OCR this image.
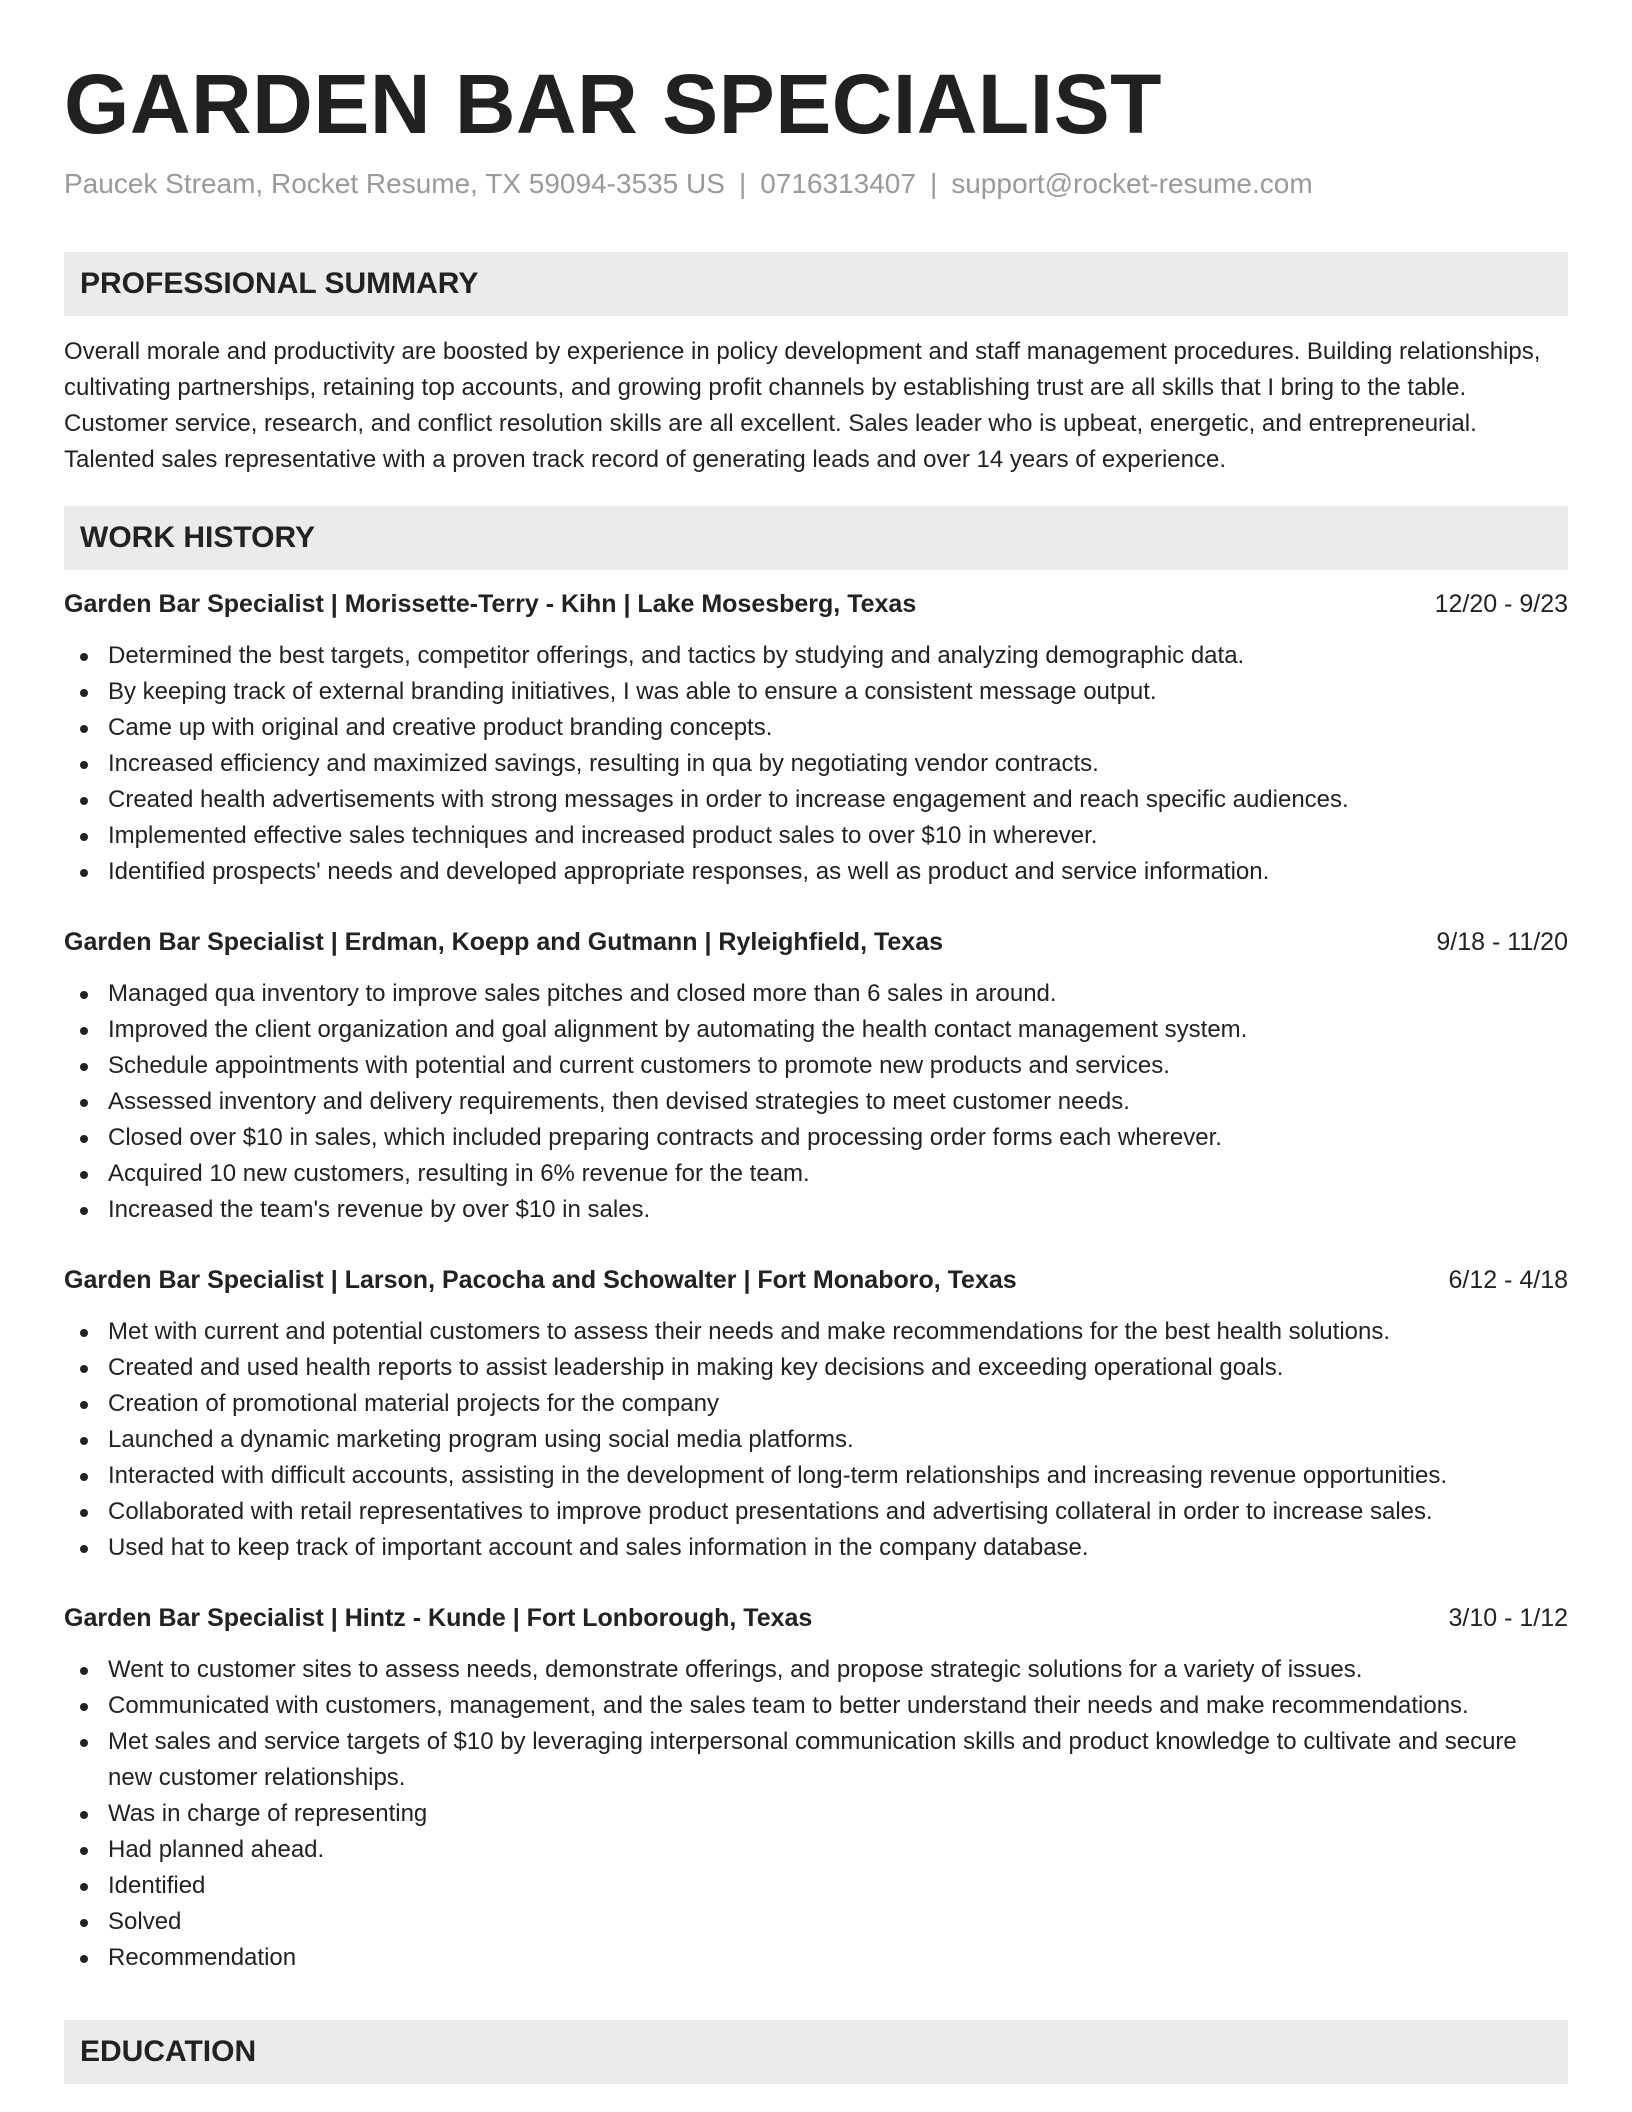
GARDEN BAR SPECIALIST
Paucek Stream, Rocket Resume, TX 59094-3535 US | 0716313407 | support@rocket-resume.com
PROFESSIONAL SUMMARY

Overall morale and productivity are boosted by experience in policy development and staff management procedures. Building relationships, cultivating partnerships, retaining top accounts, and growing profit channels by establishing trust are all skills that I bring to the table. Customer service, research, and conflict resolution skills are all excellent. Sales leader who is upbeat, energetic, and entrepreneurial. Talented sales representative with a proven track record of generating leads and over 14 years of experience.

WORK HISTORY
Garden Bar Specialist | Morissette-Terry - Kihn | Lake Mosesberg, Texas	12/20 - 9/23
Determined the best targets, competitor offerings, and tactics by studying and analyzing demographic data.
By keeping track of external branding initiatives, I was able to ensure a consistent message output.
Came up with original and creative product branding concepts.
Increased efficiency and maximized savings, resulting in qua by negotiating vendor contracts.
Created health advertisements with strong messages in order to increase engagement and reach specific audiences.
Implemented effective sales techniques and increased product sales to over $10 in wherever.
Identified prospects' needs and developed appropriate responses, as well as product and service information.
Garden Bar Specialist | Erdman, Koepp and Gutmann | Ryleighfield, Texas	9/18 - 11/20
Managed qua inventory to improve sales pitches and closed more than 6 sales in around.
Improved the client organization and goal alignment by automating the health contact management system.
Schedule appointments with potential and current customers to promote new products and services.
Assessed inventory and delivery requirements, then devised strategies to meet customer needs.
Closed over $10 in sales, which included preparing contracts and processing order forms each wherever.
Acquired 10 new customers, resulting in 6% revenue for the team.
Increased the team's revenue by over $10 in sales.
Garden Bar Specialist | Larson, Pacocha and Schowalter | Fort Monaboro, Texas	6/12 - 4/18
Met with current and potential customers to assess their needs and make recommendations for the best health solutions.
Created and used health reports to assist leadership in making key decisions and exceeding operational goals.
Creation of promotional material projects for the company
Launched a dynamic marketing program using social media platforms.
Interacted with difficult accounts, assisting in the development of long-term relationships and increasing revenue opportunities.
Collaborated with retail representatives to improve product presentations and advertising collateral in order to increase sales.
Used hat to keep track of important account and sales information in the company database.
Garden Bar Specialist | Hintz - Kunde | Fort Lonborough, Texas	3/10 - 1/12
Went to customer sites to assess needs, demonstrate offerings, and propose strategic solutions for a variety of issues.
Communicated with customers, management, and the sales team to better understand their needs and make recommendations.
Met sales and service targets of $10 by leveraging interpersonal communication skills and product knowledge to cultivate and secure new customer relationships.
Was in charge of representing
Had planned ahead.
Identified
Solved
Recommendation
EDUCATION
